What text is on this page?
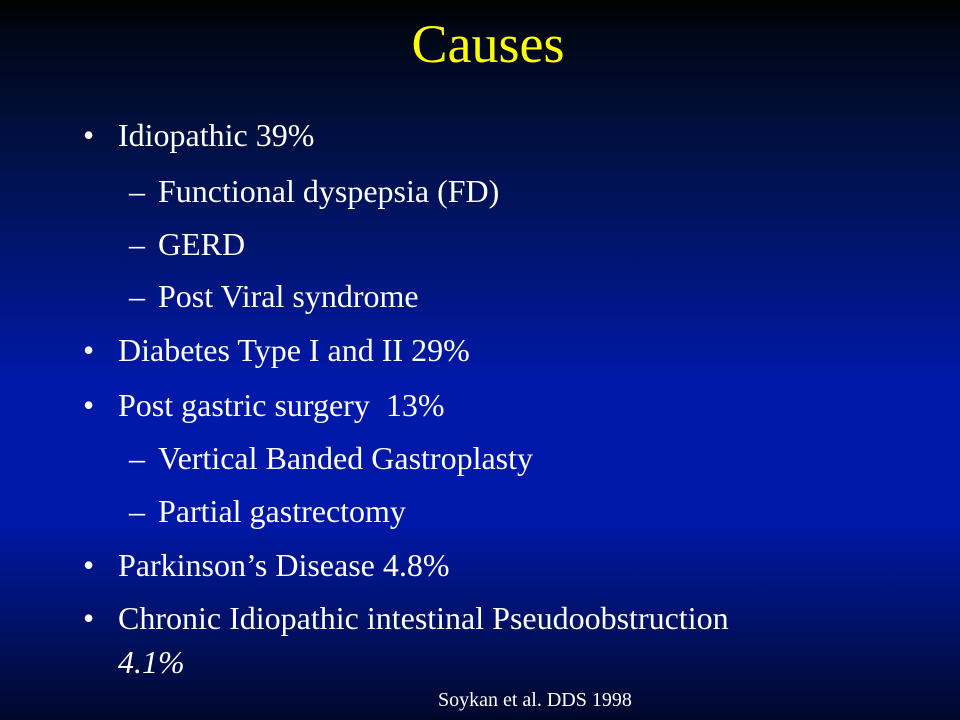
Causes
• Idiopathic 39%
– Functional dyspepsia (FD)
– GERD
– Post Viral syndrome
• Diabetes Type I and II 29%
• Post gastric surgery  13%
– Vertical Banded Gastroplasty
– Partial gastrectomy
• Parkinson’s Disease 4.8%
• Chronic Idiopathic intestinal Pseudoobstruction
4.1%
Soykan et al. DDS 1998
